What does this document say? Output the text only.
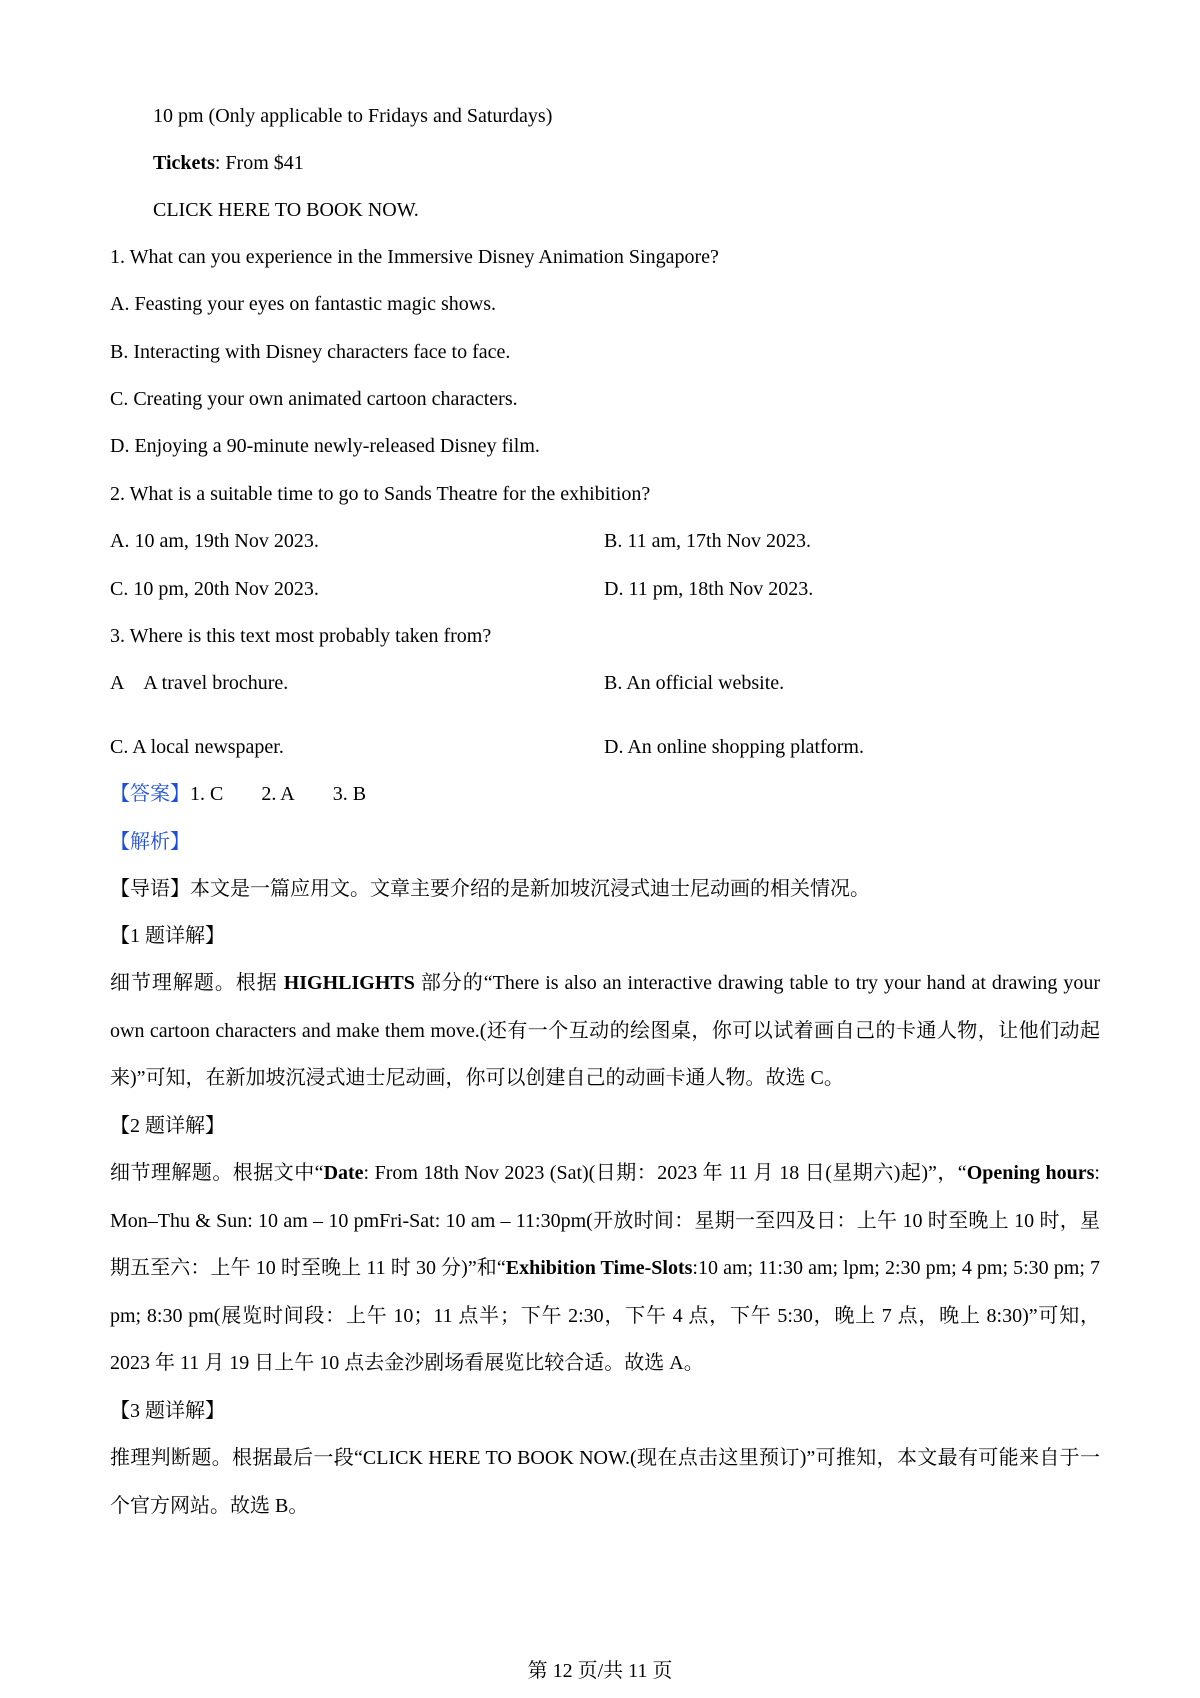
10 pm (Only applicable to Fridays and Saturdays)
Tickets: From $41
CLICK HERE TO BOOK NOW.
1. What can you experience in the Immersive Disney Animation Singapore?
A. Feasting your eyes on fantastic magic shows.
B. Interacting with Disney characters face to face.
C. Creating your own animated cartoon characters.
D. Enjoying a 90-minute newly-released Disney film.
2. What is a suitable time to go to Sands Theatre for the exhibition?
A. 10 am, 19th Nov 2023.	B. 11 am, 17th Nov 2023.
C. 10 pm, 20th Nov 2023.	D. 11 pm, 18th Nov 2023.
3. Where is this text most probably taken from?
A　A travel brochure.	B. An official website.
C. A local newspaper.	D. An online shopping platform.
【答案】1. C 2. A 3. B
【解析】
【导语】本文是一篇应用文。文章主要介绍的是新加坡沉浸式迪士尼动画的相关情况。
【1 题详解】
细节理解题。根据 HIGHLIGHTS 部分的“There is also an interactive drawing table to try your hand at drawing your own cartoon characters and make them move.(还有一个互动的绘图桌，你可以试着画自己的卡通人物，让他们动起来)”可知，在新加坡沉浸式迪士尼动画，你可以创建自己的动画卡通人物。故选 C。
【2 题详解】
细节理解题。根据文中“Date: From 18th Nov 2023 (Sat)(日期：2023 年 11 月 18 日(星期六)起)”，“Opening hours: Mon–Thu & Sun: 10 am – 10 pmFri-Sat: 10 am – 11:30pm(开放时间：星期一至四及日：上午 10 时至晚上 10 时，星期五至六：上午 10 时至晚上 11 时 30 分)”和“Exhibition Time-Slots:10 am; 11:30 am; lpm; 2:30 pm; 4 pm; 5:30 pm; 7 pm; 8:30 pm(展览时间段：上午 10；11 点半；下午 2:30，下午 4 点，下午 5:30，晚上 7 点，晚上 8:30)”可知，2023 年 11 月 19 日上午 10 点去金沙剧场看展览比较合适。故选 A。
【3 题详解】
推理判断题。根据最后一段“CLICK HERE TO BOOK NOW.(现在点击这里预订)”可推知，本文最有可能来自于一个官方网站。故选 B。
第 12 页/共 11 页
